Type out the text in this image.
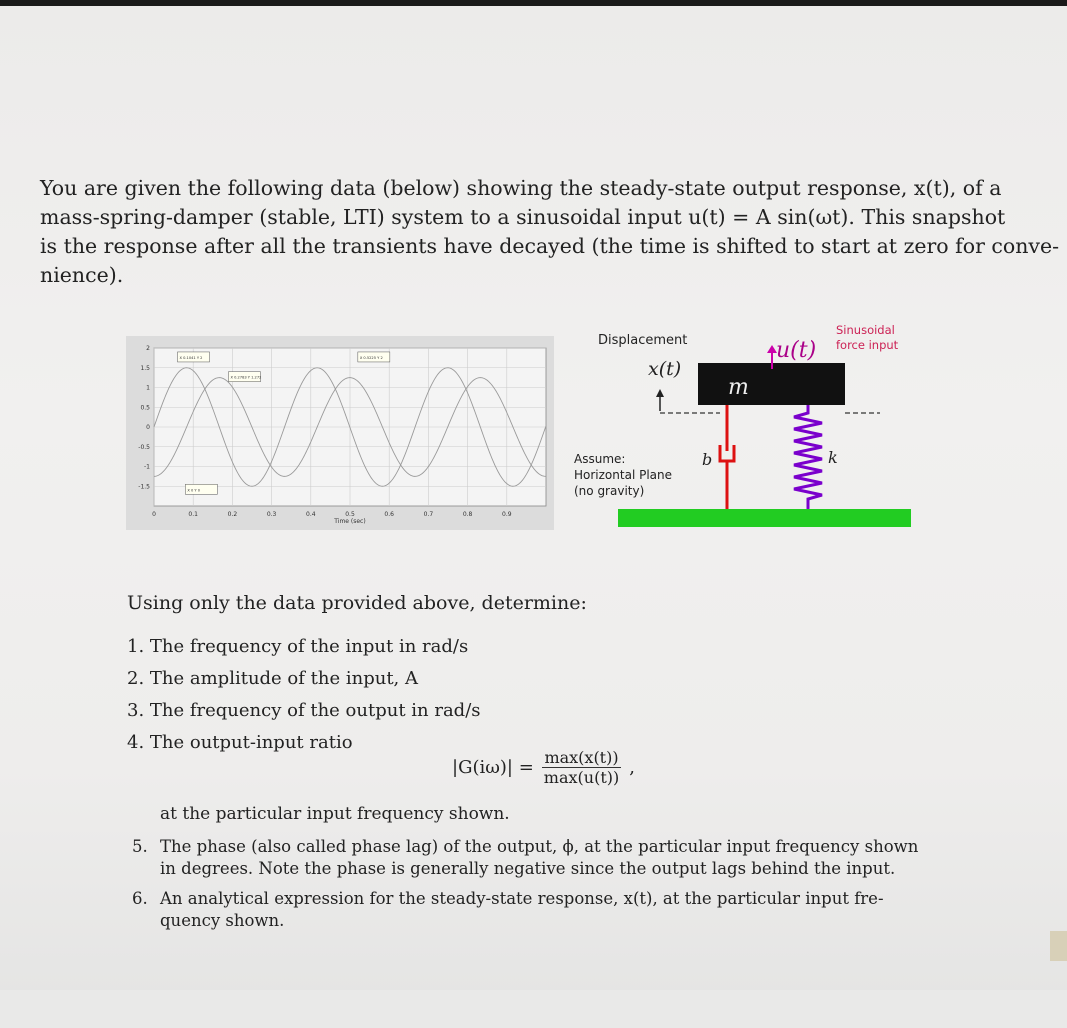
You are given the following data (below) showing the steady-state output response, x(t), of a
mass-spring-damper (stable, LTI) system to a sinusoidal input u(t) = A sin(ωt). This snapshot
is the response after all the transients have decayed (the time is shifted to start at zero for conve-
nience).
0	0.1	0.2	0.3	0.4	0.5	0.6	0.7	0.8	0.9
2
1.5
1
0.5
0
-0.5
-1
-1.5
Time (sec)
X 0.1041 Y 2
X 0.2783 Y 1.272
X 0.5225 Y 2
X 0 Y 0
Displacement
x(t)
m
u(t)
Sinusoidal
force input
Assume:
Horizontal Plane
(no gravity)
b	k
Using only the data provided above, determine:
1. The frequency of the input in rad/s
2. The amplitude of the input, A
3. The frequency of the output in rad/s
4. The output-input ratio
$|G(i\omega)| = \frac{\max(x(t))}{\max(u(t))}$ ,
at the particular input frequency shown.
5. The phase (also called phase lag) of the output, ϕ, at the particular input frequency shown
in degrees. Note the phase is generally negative since the output lags behind the input.
6. An analytical expression for the steady-state response, x(t), at the particular input fre-
quency shown.
